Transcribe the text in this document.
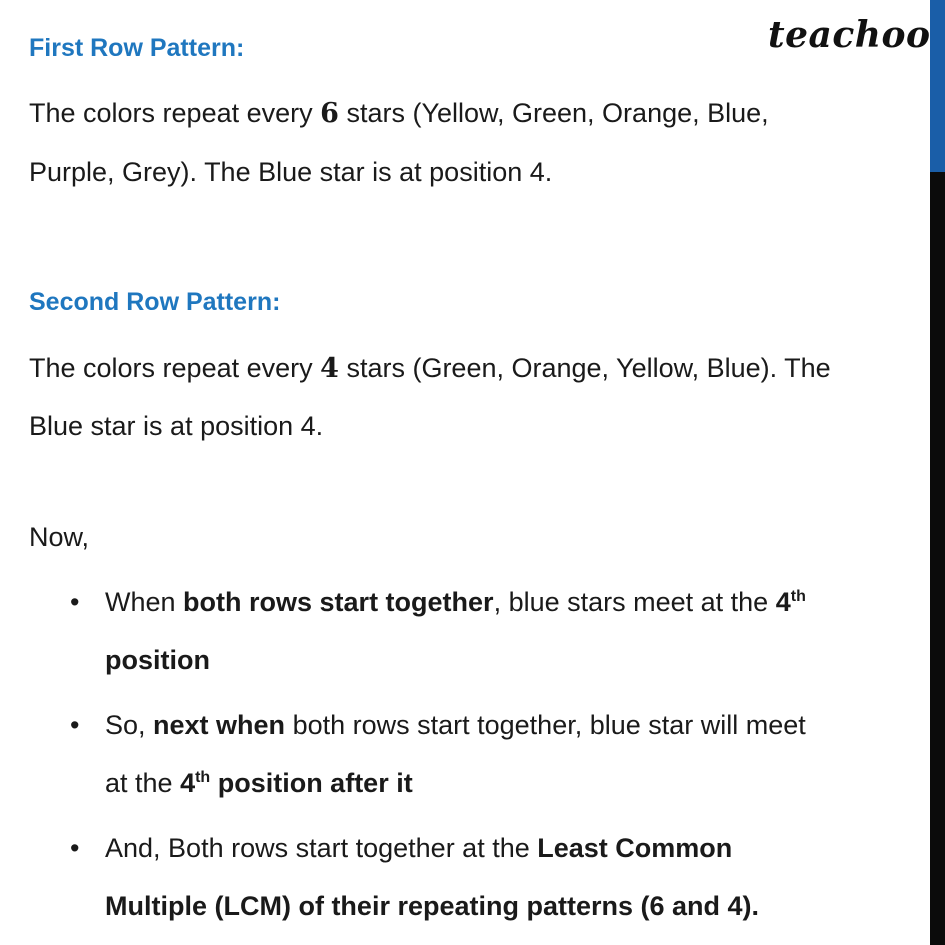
teachoo
First Row Pattern:
The colors repeat every 6 stars (Yellow, Green, Orange, Blue,
Purple, Grey). The Blue star is at position 4.
Second Row Pattern:
The colors repeat every 4 stars (Green, Orange, Yellow, Blue). The
Blue star is at position 4.
Now,
• When both rows start together, blue stars meet at the 4th
position
• So, next when both rows start together, blue star will meet
at the 4th position after it
• And, Both rows start together at the Least Common
Multiple (LCM) of their repeating patterns (6 and 4).
